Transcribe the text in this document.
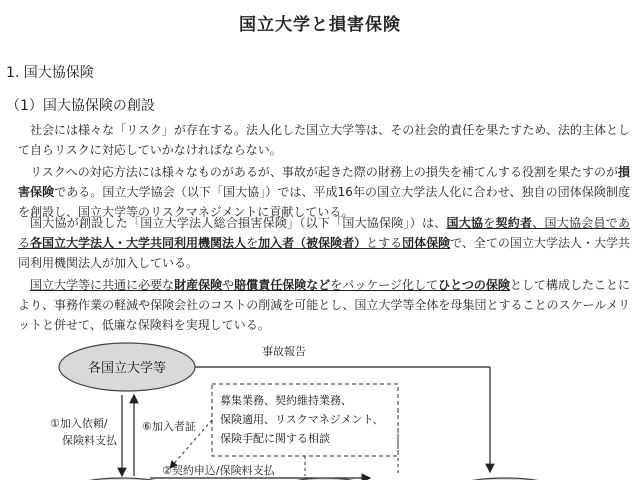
国立大学と損害保険
1. 国大協保険
（1）国大協保険の創設

社会には様々な「リスク」が存在する。法人化した国立大学等は、その社会的責任を果たすため、法的主体として自らリスクに対応していかなければならない。

リスクへの対応方法には様々なものがあるが、事故が起きた際の財務上の損失を補てんする役割を果たすのが損害保険である。国立大学協会（以下「国大協」）では、平成16年の国立大学法人化に合わせ、独自の団体保険制度を創設し、国立大学等のリスクマネジメントに貢献している。

国大協が創設した「国立大学法人総合損害保険」（以下「国大協保険」）は、国大協を契約者、国大協会員である各国立大学法人・大学共同利用機関法人を加入者（被保険者）とする団体保険で、全ての国立大学法人・大学共同利用機関法人が加入している。

国立大学等に共通に必要な財産保険や賠償責任保険などをパッケージ化してひとつの保険として構成したことにより、事務作業の軽減や保険会社のコストの削減を可能とし、国立大学等全体を母集団とすることのスケールメリットと併せて、低廉な保険料を実現している。

各国立大学等
事故報告
①加入依頼/
保険料支払
⑥加入者証
募集業務、契約維持業務、
保険適用、リスクマネジメント、
保険手配に関する相談
②契約申込/保険料支払
